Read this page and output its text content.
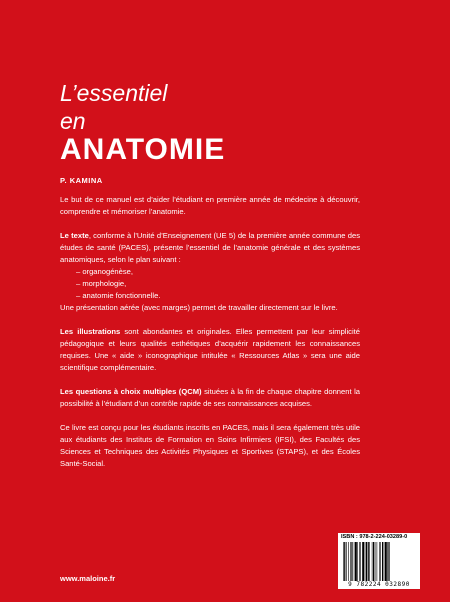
L’essentiel
en
ANATOMIE
P. KAMINA

Le but de ce manuel est d’aider l’étudiant en première année de médecine à découvrir, comprendre et mémoriser l’anatomie.

Le texte, conforme à l’Unité d’Enseignement (UE 5) de la première année commune des études de santé (PACES), présente l’essentiel de l’anatomie générale et des systèmes anatomiques, selon le plan suivant :

– organogénèse,
– morphologie,
– anatomie fonctionnelle.

Une présentation aérée (avec marges) permet de travailler directement sur le livre.

Les illustrations sont abondantes et originales. Elles permettent par leur simplicité pédagogique et leurs qualités esthétiques d’acquérir rapidement les connaissances requises. Une « aide » iconographique intitulée « Ressources Atlas » sera une aide scientifique complémentaire.

Les questions à choix multiples (QCM) situées à la fin de chaque chapitre donnent la possibilité à l’étudiant d’un contrôle rapide de ses connaissances acquises.

Ce livre est conçu pour les étudiants inscrits en PACES, mais il sera également très utile aux étudiants des Instituts de Formation en Soins Infirmiers (IFSI), des Facultés des Sciences et Techniques des Activités Physiques et Sportives (STAPS), et des Écoles Santé-Social.

ISBN : 978-2-224-03289-0
9 782224 032890
www.maloine.fr
